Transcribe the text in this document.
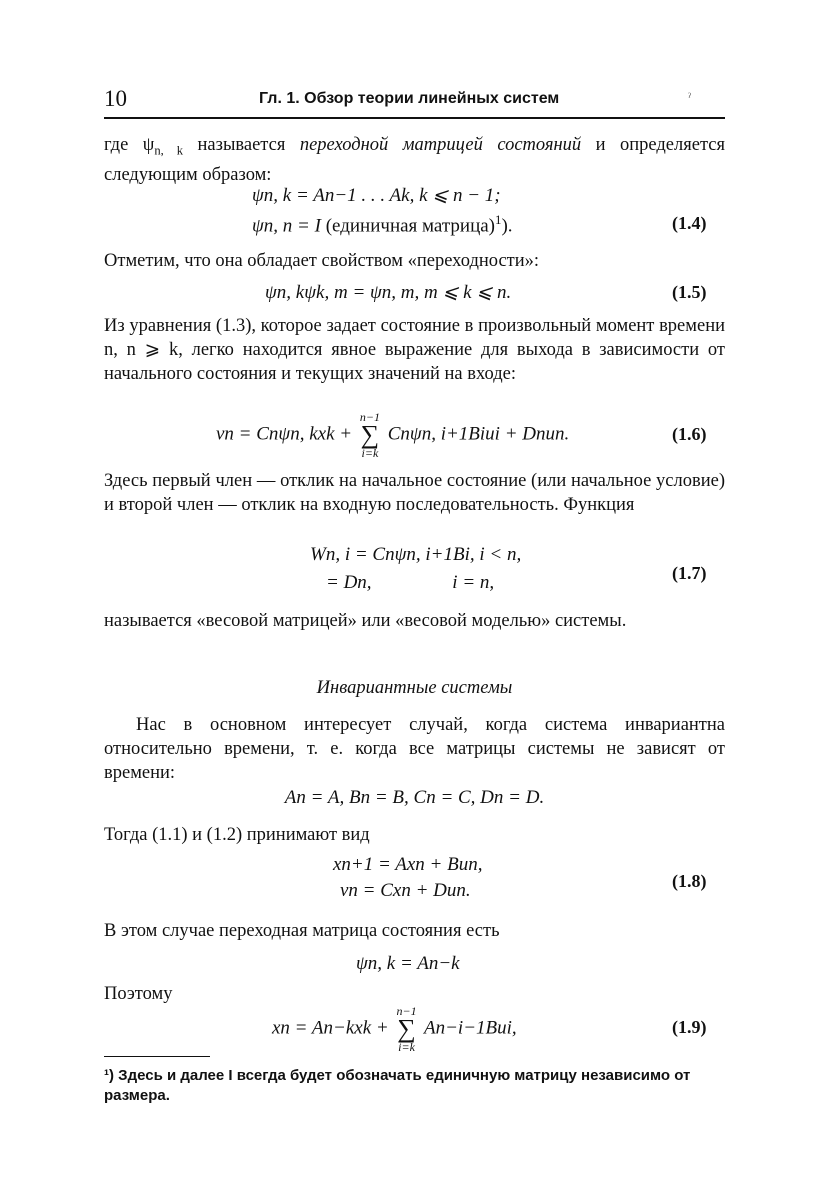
10	Гл. 1. Обзор теории линейных систем	ˀ
где $\psi_{n, k}$ называется переходной матрицей состояний и определяется следующим образом:
ψn, k = An−1 . . . Ak, k ⩽ n − 1;
ψn, n = I (единичная матрица)$^1$).	(1.4)
Отметим, что она обладает свойством «переходности»:
ψn, kψk, m = ψn, m, m ⩽ k ⩽ n.	(1.5)
Из уравнения (1.3), которое задает состояние в произвольный момент времени n, n ⩾ k, легко находится явное выражение для выхода в зависимости от начального состояния и текущих значений на входе:
vn = Cnψn, kxk +
n−1
∑
i=k
Cnψn, i+1Biui + Dnun.	(1.6)
Здесь первый член — отклик на начальное состояние (или начальное условие) и второй член — отклик на входную последовательность. Функция
Wn, i = Cnψn, i+1Bi, i < n,
= Dn,                 i = n,	(1.7)
называется «весовой матрицей» или «весовой моделью» системы.
Инвариантные системы
Нас в основном интересует случай, когда система инвариантна относительно времени, т. е. когда все матрицы системы не зависят от времени:
An = A, Bn = B, Cn = C, Dn = D.
Тогда (1.1) и (1.2) принимают вид
xn+1 = Axn + Bun,
vn = Cxn + Dun.	(1.8)
В этом случае переходная матрица состояния есть
ψn, k = An−k
Поэтому
xn = An−kxk +
n−1
∑
i=k
An−i−1Bui,	(1.9)
¹) Здесь и далее I всегда будет обозначать единичную матрицу независимо от размера.
